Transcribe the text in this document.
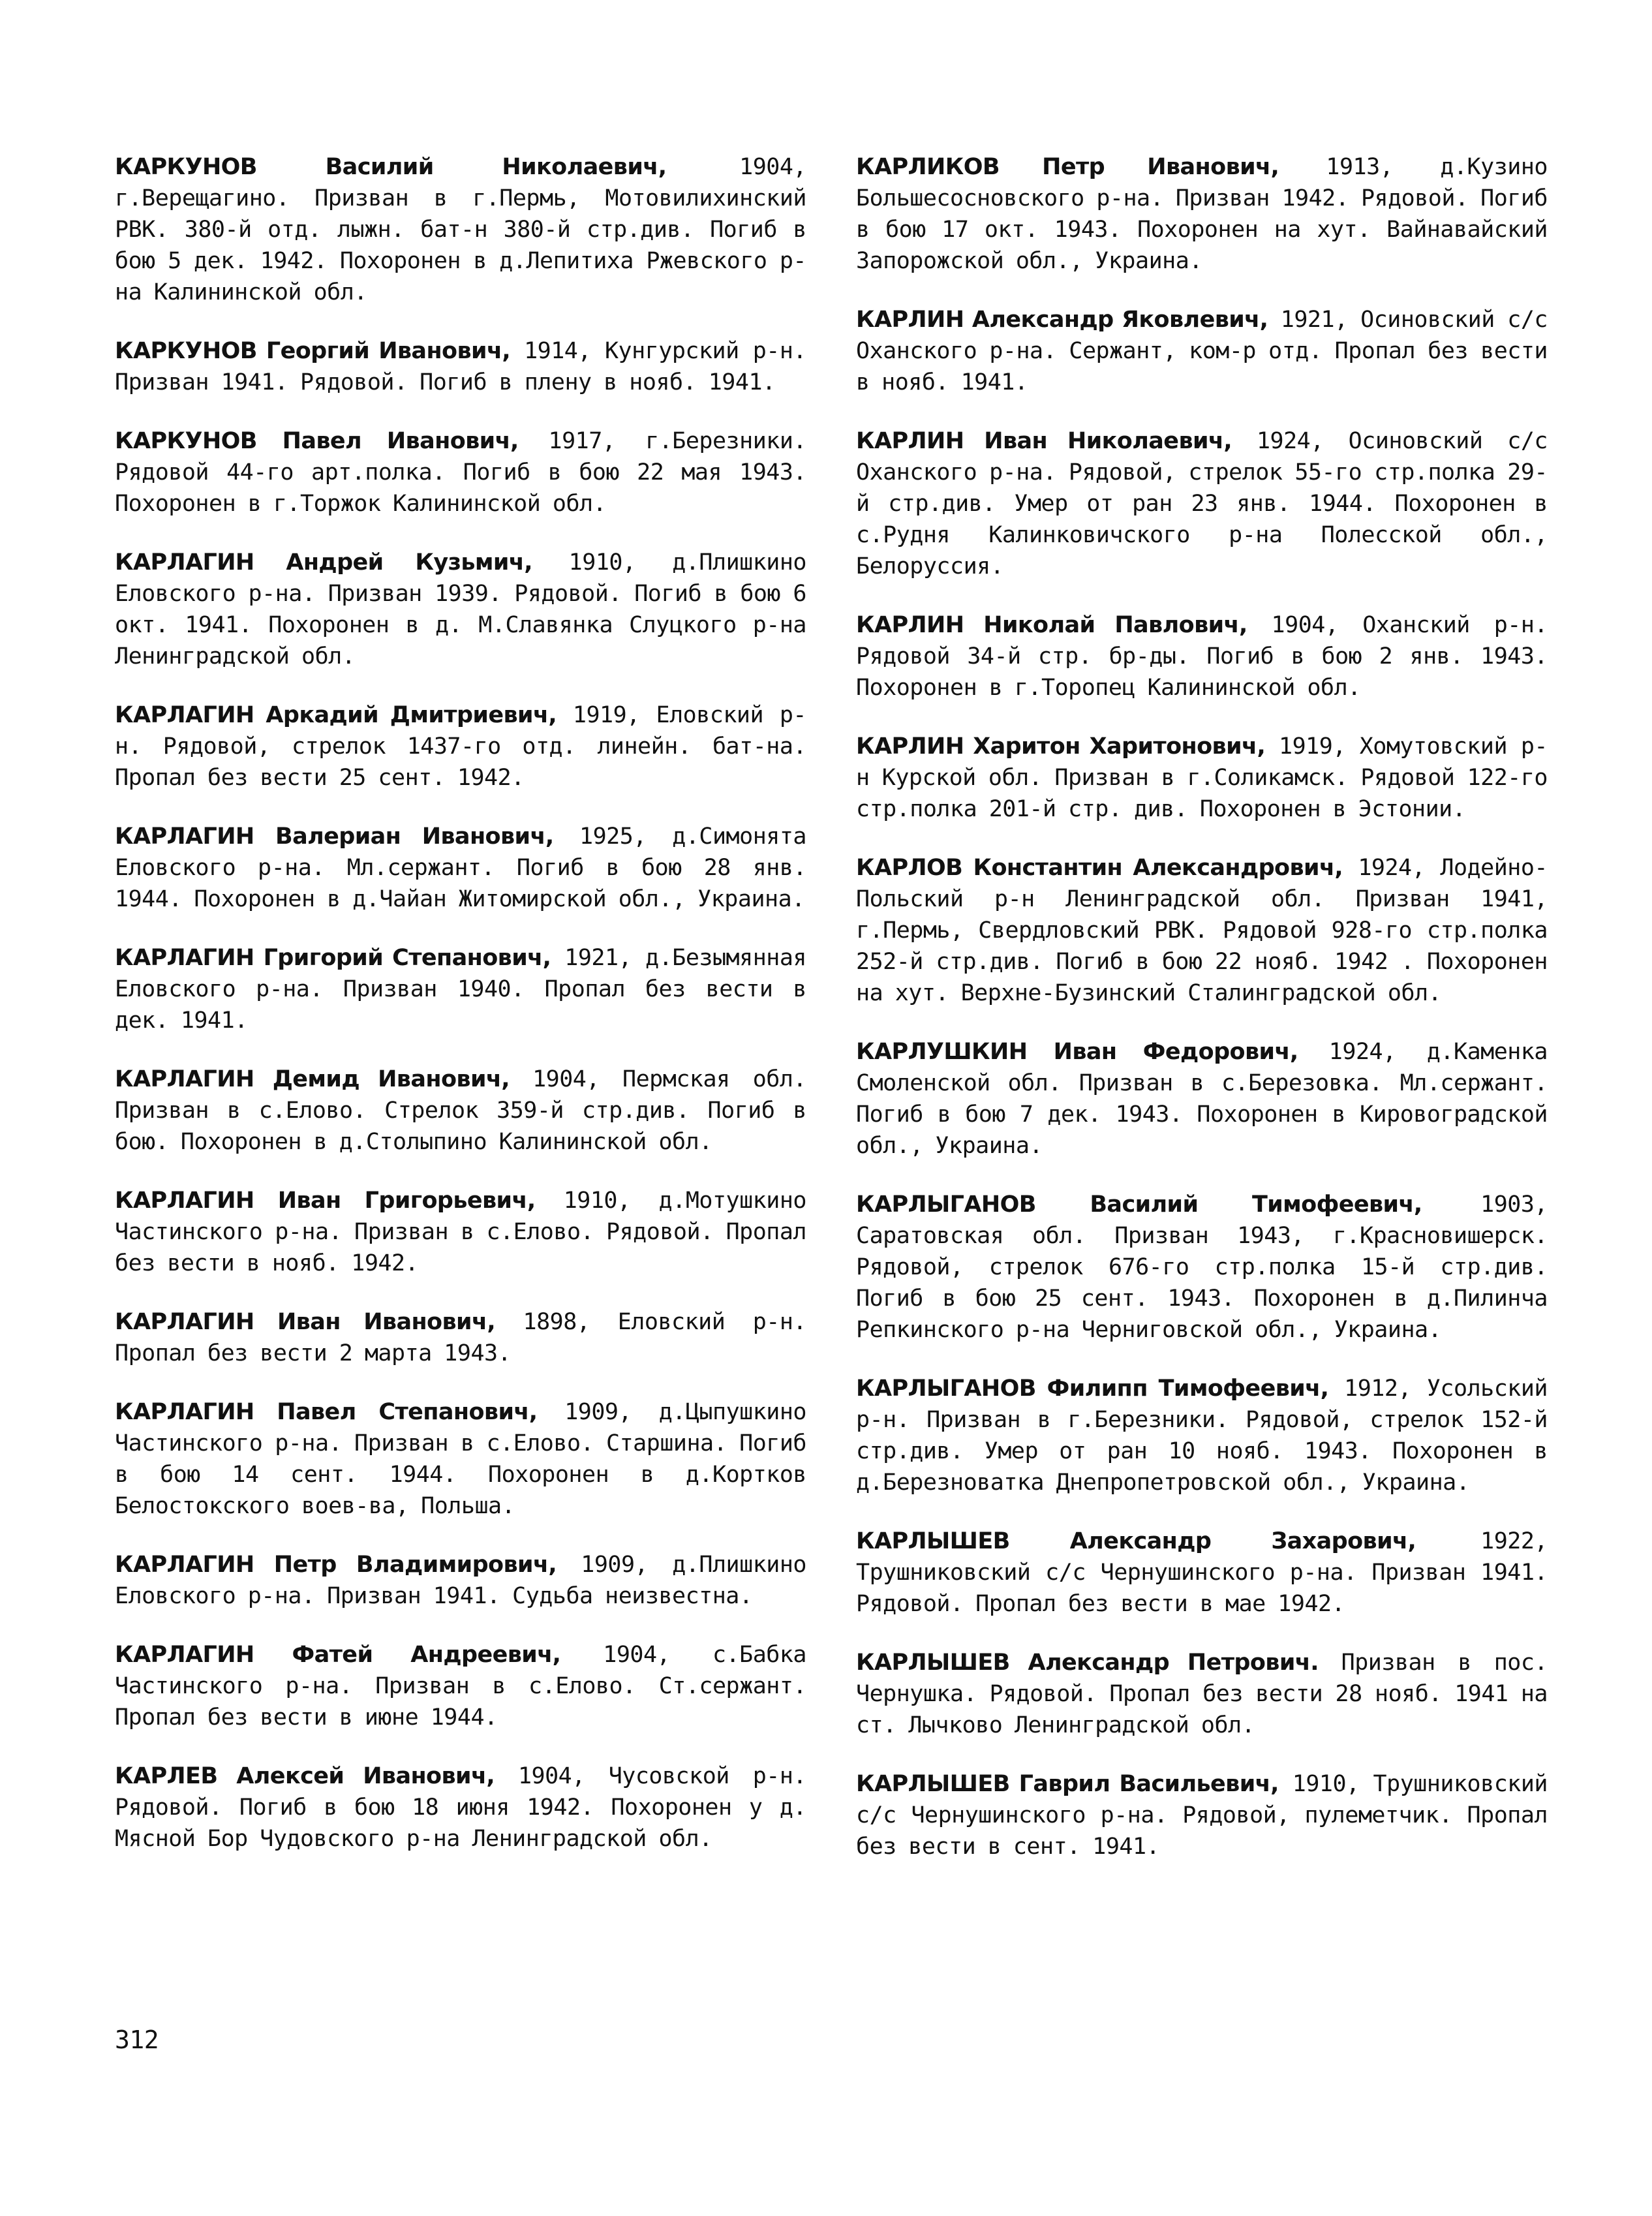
КАРКУНОВ Василий Николаевич,	1904, г.Верещагино. Призван в г.Пермь, Мотовилихинский РВК. 380-й отд. лыжн. бат-н 380-й стр.див. Погиб в бою 5 дек. 1942. Похоронен в д.Лепитиха Ржевского р-на Калининской обл.

КАРКУНОВ Георгий Иванович, 1914, Кунгурский р-н. Призван 1941. Рядовой. Погиб в плену в нояб. 1941.

КАРКУНОВ Павел Иванович, 1917, г.Березники. Рядовой 44-го арт.полка. Погиб в бою 22 мая 1943. Похоронен в г.Торжок Калининской обл.

КАРЛАГИН Андрей Кузьмич, 1910, д.Плишкино Еловского р-на. Призван 1939. Рядовой. Погиб в бою 6 окт. 1941. Похоронен в д. М.Славянка Слуцкого р-на Ленинградской обл.

КАРЛАГИН Аркадий Дмитриевич, 1919, Еловский р-н. Рядовой, стрелок 1437-го отд. линейн. бат-на. Пропал без вести 25 сент. 1942.

КАРЛАГИН Валериан Иванович, 1925, д.Симонята Еловского р-на. Мл.сержант. Погиб в бою 28 янв. 1944. Похоронен в д.Чайан Житомирской обл., Украина.

КАРЛАГИН Григорий Степанович, 1921, д.Безымянная Еловского р-на. Призван 1940. Пропал без вести в дек. 1941.

КАРЛАГИН Демид Иванович, 1904, Пермская обл. Призван в с.Елово. Стрелок 359-й стр.див. Погиб в бою. Похоронен в д.Столыпино Калининской обл.

КАРЛАГИН Иван Григорьевич, 1910, д.Мотушкино Частинского р-на. Призван в с.Елово. Рядовой. Пропал без вести в нояб. 1942.

КАРЛАГИН Иван Иванович, 1898, Еловский р-н. Пропал без вести 2 марта 1943.

КАРЛАГИН Павел Степанович, 1909, д.Цыпушкино Частинского р-на. Призван в с.Елово. Старшина. Погиб в бою 14 сент. 1944. Похоронен в д.Кортков Белостокского воев-ва, Польша.

КАРЛАГИН Петр Владимирович, 1909, д.Плишкино Еловского р-на. Призван 1941. Судьба неизвестна.

КАРЛАГИН Фатей Андреевич, 1904, с.Бабка Частинского р-на. Призван в с.Елово. Ст.сержант. Пропал без вести в июне 1944.

КАРЛЕВ Алексей Иванович, 1904, Чусовской р-н. Рядовой. Погиб в бою 18 июня 1942. Похоронен у д. Мясной Бор Чудовского р-на Ленинградской обл.

КАРЛИКОВ Петр Иванович, 1913, д.Кузино Большесосновского р-на. Призван 1942. Рядовой. Погиб в бою 17 окт. 1943. Похоронен на хут. Вайнавайский Запорожской обл., Украина.

КАРЛИН Александр Яковлевич, 1921, Осиновский с/с Оханского р-на. Сержант, ком-р отд. Пропал без вести в нояб. 1941.

КАРЛИН Иван Николаевич, 1924, Осиновский с/с Оханского р-на. Рядовой, стрелок 55-го стр.полка 29-й стр.див. Умер от ран 23 янв. 1944. Похоронен в с.Рудня Калинковичского р-на Полесской обл., Белоруссия.

КАРЛИН Николай Павлович, 1904, Оханский р-н. Рядовой 34-й стр. бр-ды. Погиб в бою 2 янв. 1943. Похоронен в г.Торопец Калининской обл.

КАРЛИН Харитон Харитонович, 1919, Хомутовский р-н Курской обл. Призван в г.Соликамск. Рядовой 122-го стр.полка 201-й стр. див. Похоронен в Эстонии.

КАРЛОВ Константин Александрович, 1924, Лодейно-Польский р-н Ленинградской обл. Призван 1941, г.Пермь, Свердловский РВК. Рядовой 928-го стр.полка 252-й стр.див. Погиб в бою 22 нояб. 1942 . Похоронен на хут. Верхне-Бузинский Сталинградской обл.

КАРЛУШКИН Иван Федорович, 1924, д.Каменка Смоленской обл. Призван в с.Березовка. Мл.сержант. Погиб в бою 7 дек. 1943. Похоронен в Кировоградской обл., Украина.

КАРЛЫГАНОВ Василий Тимофеевич,	1903, Саратовская обл. Призван 1943, г.Красновишерск. Рядовой, стрелок 676-го стр.полка 15-й стр.див. Погиб в бою 25 сент. 1943. Похоронен в д.Пилинча Репкинского р-на Черниговской обл., Украина.

КАРЛЫГАНОВ Филипп Тимофеевич, 1912, Усольский р-н. Призван в г.Березники. Рядовой, стрелок 152-й стр.див. Умер от ран 10 нояб. 1943. Похоронен в д.Березноватка Днепропетровской обл., Украина.

КАРЛЫШЕВ Александр Захарович,	1922, Трушниковский с/с Чернушинского р-на. Призван 1941. Рядовой. Пропал без вести в мае 1942.

КАРЛЫШЕВ Александр Петрович. Призван в пос. Чернушка. Рядовой. Пропал без вести 28 нояб. 1941 на ст. Лычково Ленинградской обл.

КАРЛЫШЕВ Гаврил Васильевич, 1910, Трушниковский с/с Чернушинского р-на. Рядовой, пулеметчик. Пропал без вести в сент. 1941.

312
